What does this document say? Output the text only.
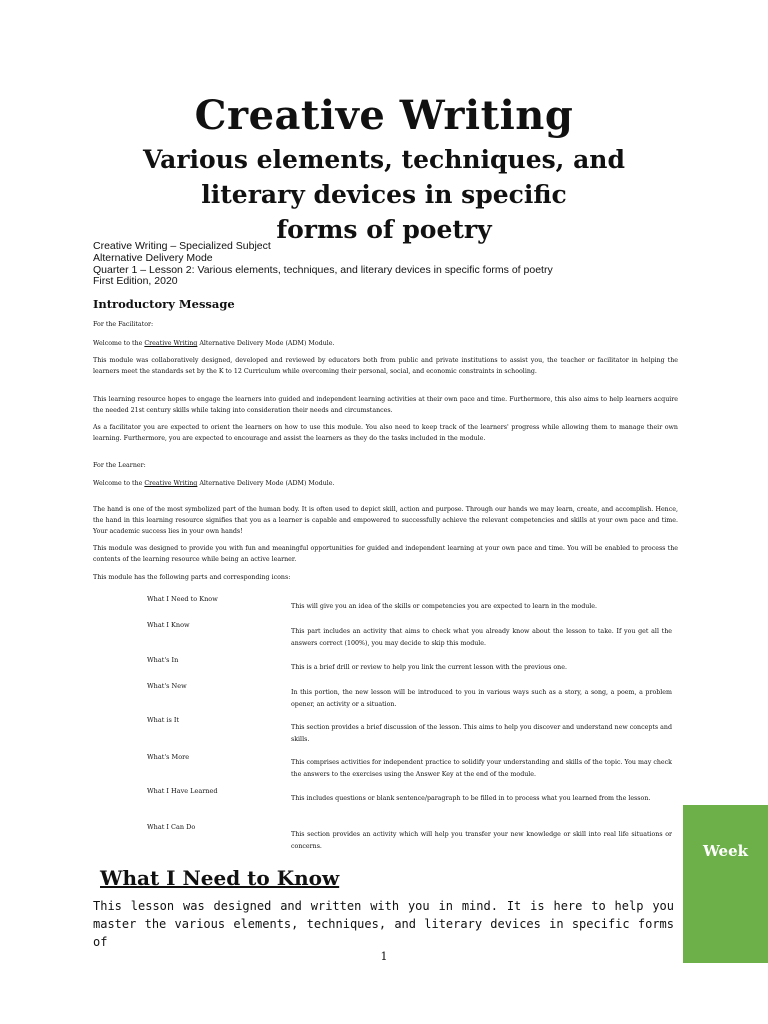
Creative Writing
Various elements, techniques, and
literary devices in specific
forms of poetry
Creative Writing – Specialized Subject
Alternative Delivery Mode
Quarter 1 – Lesson 2: Various elements, techniques, and literary devices in specific forms of poetry
First Edition, 2020
Introductory Message
For the Facilitator:
Welcome to the Creative Writing Alternative Delivery Mode (ADM) Module.
This module was collaboratively designed, developed and reviewed by educators both from public and private institutions to assist you, the teacher or facilitator in helping the learners meet the standards set by the K to 12 Curriculum while overcoming their personal, social, and economic constraints in schooling.
This learning resource hopes to engage the learners into guided and independent learning activities at their own pace and time. Furthermore, this also aims to help learners acquire the needed 21st century skills while taking into consideration their needs and circumstances.
As a facilitator you are expected to orient the learners on how to use this module. You also need to keep track of the learners' progress while allowing them to manage their own learning. Furthermore, you are expected to encourage and assist the learners as they do the tasks included in the module.
For the Learner:
Welcome to the Creative Writing Alternative Delivery Mode (ADM) Module.
The hand is one of the most symbolized part of the human body. It is often used to depict skill, action and purpose. Through our hands we may learn, create, and accomplish. Hence, the hand in this learning resource signifies that you as a learner is capable and empowered to successfully achieve the relevant competencies and skills at your own pace and time. Your academic success lies in your own hands!
This module was designed to provide you with fun and meaningful opportunities for guided and independent learning at your own pace and time. You will be enabled to process the contents of the learning resource while being an active learner.
This module has the following parts and corresponding icons:
What I Need to Know
This will give you an idea of the skills or competencies you are expected to learn in the module.
What I Know
This part includes an activity that aims to check what you already know about the lesson to take. If you get all the answers correct (100%), you may decide to skip this module.
What's In
This is a brief drill or review to help you link the current lesson with the previous one.
What's New
In this portion, the new lesson will be introduced to you in various ways such as a story, a song, a poem, a problem opener, an activity or a situation.
What is It
This section provides a brief discussion of the lesson. This aims to help you discover and understand new concepts and skills.
What's More
This comprises activities for independent practice to solidify your understanding and skills of the topic. You may check the answers to the exercises using the Answer Key at the end of the module.
What I Have Learned
This includes questions or blank sentence/paragraph to be filled in to process what you learned from the lesson.
What I Can Do
This section provides an activity which will help you transfer your new knowledge or skill into real life situations or concerns.	Week
What I Need to Know
This lesson was designed and written with you in mind. It is here to help you master the various elements, techniques, and literary devices in specific forms of
1
